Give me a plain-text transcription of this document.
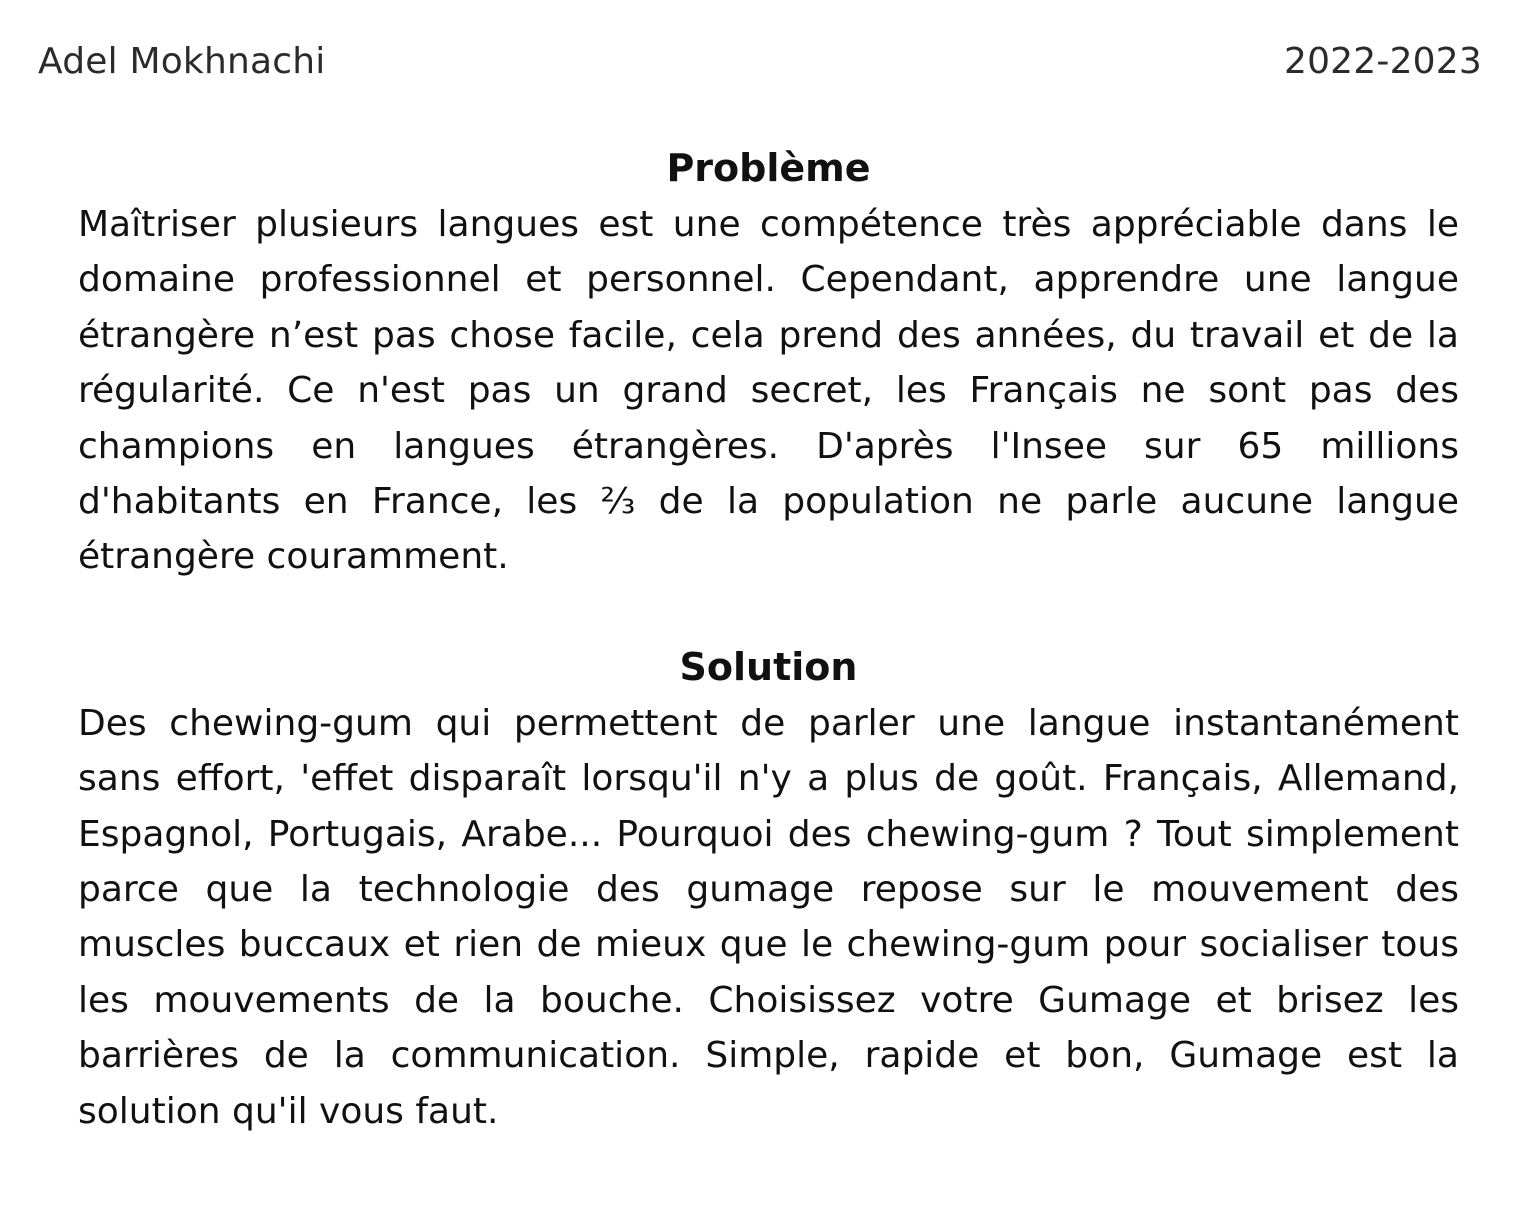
Adel Mokhnachi	2022-2023
Problème

Maîtriser plusieurs langues est une compétence très appréciable dans le domaine professionnel et personnel. Cependant, apprendre une langue étrangère n’est pas chose facile, cela prend des années, du travail et de la régularité. Ce n'est pas un grand secret, les Français ne sont pas des champions en langues étrangères. D'après l'Insee sur 65 millions d'habitants en France, les ⅔ de la population ne parle aucune langue étrangère couramment.

Solution

Des chewing-gum qui permettent de parler une langue instantanément sans effort, 'effet disparaît lorsqu'il n'y a plus de goût. Français, Allemand, Espagnol, Portugais, Arabe... Pourquoi des chewing-gum ? Tout simplement parce que la technologie des gumage repose sur le mouvement des muscles buccaux et rien de mieux que le chewing-gum pour socialiser tous les mouvements de la bouche. Choisissez votre Gumage et brisez les barrières de la communication. Simple, rapide et bon, Gumage est la solution qu'il vous faut.
